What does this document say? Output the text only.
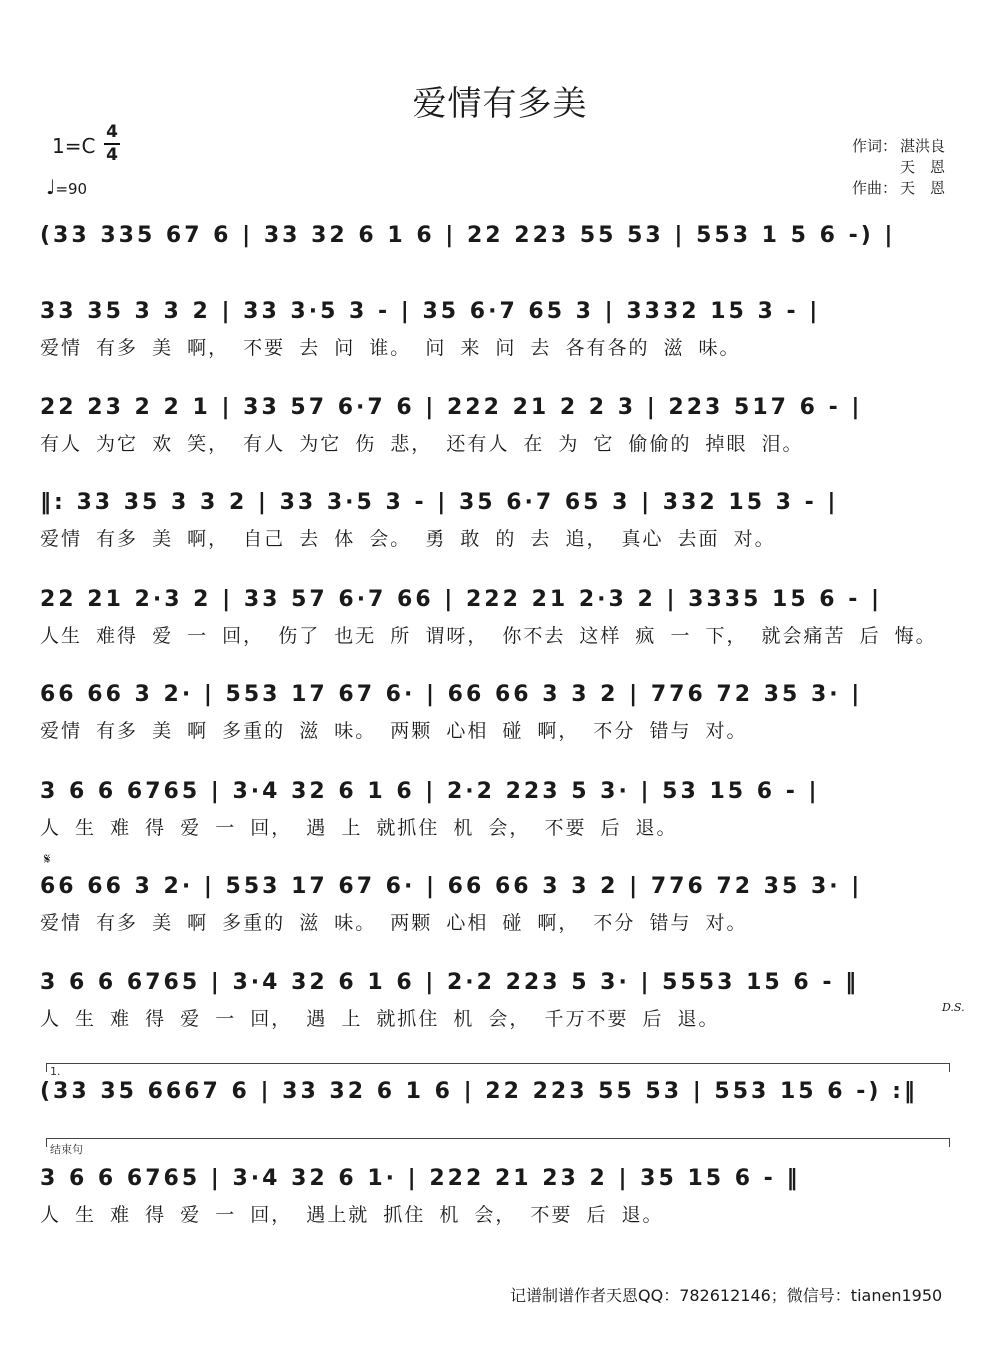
爱情有多美
1=C
4
4
♩=90
作词： 湛洪良
天　恩
作曲： 天　恩
(33 335 67 6 | 33 32 6 1 6 | 22 223 55 53 | 553 1 5 6 -) |
33 35 3 3 2 | 33 3·5 3 - | 35 6·7 65 3 | 3332 15 3 - |
爱情 有多 美 啊， 不要 去 问 谁。 问 来 问 去 各有各的 滋 味。
22 23 2 2 1 | 33 57 6·7 6 | 222 21 2 2 3 | 223 517 6 - |
有人 为它 欢 笑， 有人 为它 伤 悲， 还有人 在 为 它 偷偷的 掉眼 泪。
‖: 33 35 3 3 2 | 33 3·5 3 - | 35 6·7 65 3 | 332 15 3 - |
爱情 有多 美 啊， 自己 去 体 会。 勇 敢 的 去 追， 真心 去面 对。
22 21 2·3 2 | 33 57 6·7 66 | 222 21 2·3 2 | 3335 15 6 - |
人生 难得 爱 一 回， 伤了 也无 所 谓呀， 你不去 这样 疯 一 下， 就会痛苦 后 悔。
66 66 3 2· | 553 17 67 6· | 66 66 3 3 2 | 776 72 35 3· |
爱情 有多 美 啊 多重的 滋 味。 两颗 心相 碰 啊， 不分 错与 对。
3 6 6 6765 | 3·4 32 6 1 6 | 2·2 223 5 3· | 53 15 6 - |
人 生 难 得 爱 一 回， 遇 上 就抓住 机 会， 不要 后 退。
𝄋
66 66 3 2· | 553 17 67 6· | 66 66 3 3 2 | 776 72 35 3· |
爱情 有多 美 啊 多重的 滋 味。 两颗 心相 碰 啊， 不分 错与 对。
3 6 6 6765 | 3·4 32 6 1 6 | 2·2 223 5 3· | 5553 15 6 - ‖
人 生 难 得 爱 一 回， 遇 上 就抓住 机 会， 千万不要 后 退。
D.S.
1.
(33 35 6667 6 | 33 32 6 1 6 | 22 223 55 53 | 553 15 6 -) :‖
结束句
3 6 6 6765 | 3·4 32 6 1· | 222 21 23 2 | 35 15 6 - ‖
人 生 难 得 爱 一 回， 遇上就 抓住 机 会， 不要 后 退。
记谱制谱作者天恩QQ：782612146；微信号：tianen1950
